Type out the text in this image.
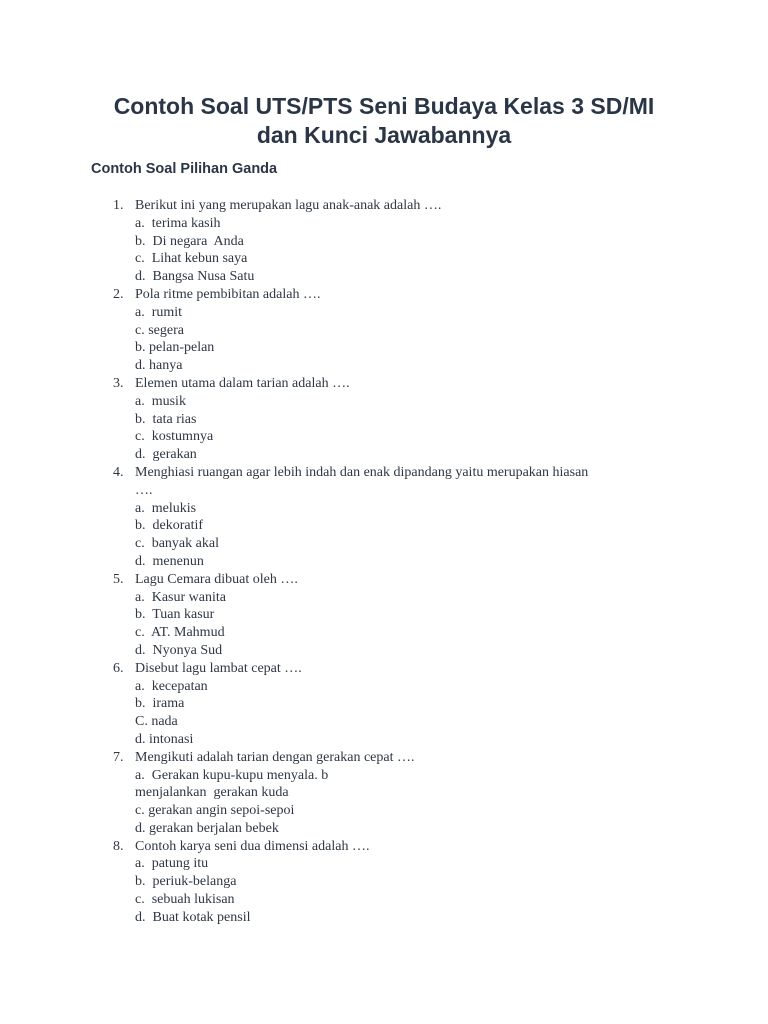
Contoh Soal UTS/PTS Seni Budaya Kelas 3 SD/MI
dan Kunci Jawabannya
Contoh Soal Pilihan Ganda
1. Berikut ini yang merupakan lagu anak-anak adalah ….
a.  terima kasih
b.  Di negara  Anda
c.  Lihat kebun saya
d.  Bangsa Nusa Satu
2. Pola ritme pembibitan adalah ….
a.  rumit
c. segera
b. pelan-pelan
d. hanya
3. Elemen utama dalam tarian adalah ….
a.  musik
b.  tata rias
c.  kostumnya
d.  gerakan
4. Menghiasi ruangan agar lebih indah dan enak dipandang yaitu merupakan hiasan
….
a.  melukis
b.  dekoratif
c.  banyak akal
d.  menenun
5. Lagu Cemara dibuat oleh ….
a.  Kasur wanita
b.  Tuan kasur
c.  AT. Mahmud
d.  Nyonya Sud
6. Disebut lagu lambat cepat ….
a.  kecepatan
b.  irama
C. nada
d. intonasi
7. Mengikuti adalah tarian dengan gerakan cepat ….
a.  Gerakan kupu-kupu menyala. b
menjalankan  gerakan kuda
c. gerakan angin sepoi-sepoi
d. gerakan berjalan bebek
8. Contoh karya seni dua dimensi adalah ….
a.  patung itu
b.  periuk-belanga
c.  sebuah lukisan
d.  Buat kotak pensil
